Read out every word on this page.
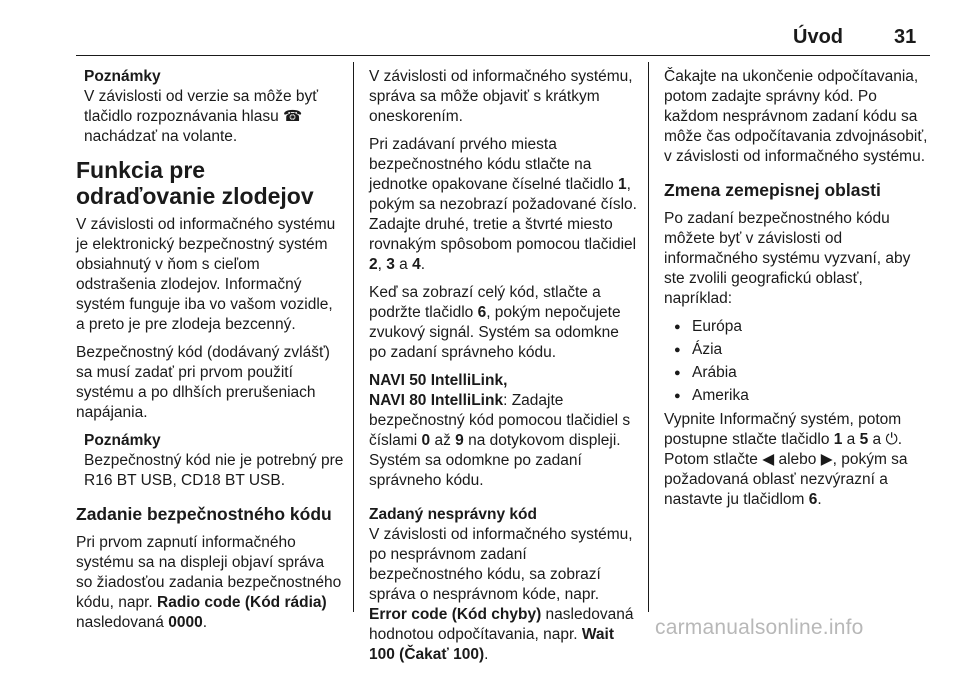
Úvod	31
Poznámky
V závislosti od verzie sa môže byť tlačidlo rozpoznávania hlasu ☎ nachádzať na volante.
Funkcia pre odraďovanie zlodejov

V závislosti od informačného systému je elektronický bezpečnostný systém obsiahnutý v ňom s cieľom odstrašenia zlodejov. Informačný systém funguje iba vo vašom vozidle, a preto je pre zlodeja bezcenný.

Bezpečnostný kód (dodávaný zvlášť) sa musí zadať pri prvom použití systému a po dlhších prerušeniach napájania.

Poznámky
Bezpečnostný kód nie je potrebný pre R16 BT USB, CD18 BT USB.
Zadanie bezpečnostného kódu

Pri prvom zapnutí informačného systému sa na displeji objaví správa so žiadosťou zadania bezpečnostného kódu, napr. Radio code (Kód rádia) nasledovaná 0000.

V závislosti od informačného systému, správa sa môže objaviť s krátkym oneskorením.

Pri zadávaní prvého miesta bezpečnostného kódu stlačte na jednotke opakovane číselné tlačidlo 1, pokým sa nezobrazí požadované číslo. Zadajte druhé, tretie a štvrté miesto rovnakým spôsobom pomocou tlačidiel 2, 3 a 4.

Keď sa zobrazí celý kód, stlačte a podržte tlačidlo 6, pokým nepočujete zvukový signál. Systém sa odomkne po zadaní správneho kódu.

NAVI 50 IntelliLink,
NAVI 80 IntelliLink: Zadajte bezpečnostný kód pomocou tlačidiel s číslami 0 až 9 na dotykovom displeji. Systém sa odomkne po zadaní správneho kódu.

Zadaný nesprávny kód

V závislosti od informačného systému, po nesprávnom zadaní bezpečnostného kódu, sa zobrazí správa o nesprávnom kóde, napr. Error code (Kód chyby) nasledovaná hodnotou odpočítavania, napr. Wait 100 (Čakať 100).

Čakajte na ukončenie odpočítavania, potom zadajte správny kód. Po každom nesprávnom zadaní kódu sa môže čas odpočítavania zdvojnásobiť, v závislosti od informačného systému.

Zmena zemepisnej oblasti

Po zadaní bezpečnostného kódu môžete byť v závislosti od informačného systému vyzvaní, aby ste zvolili geografickú oblasť, napríklad:

● Európa
● Ázia
● Arábia
● Amerika

Vypnite Informačný systém, potom postupne stlačte tlačidlo 1 a 5 a ⏻. Potom stlačte ◀ alebo ▶, pokým sa požadovaná oblasť nezvýrazní a nastavte ju tlačidlom 6.

carmanualsonline.info
